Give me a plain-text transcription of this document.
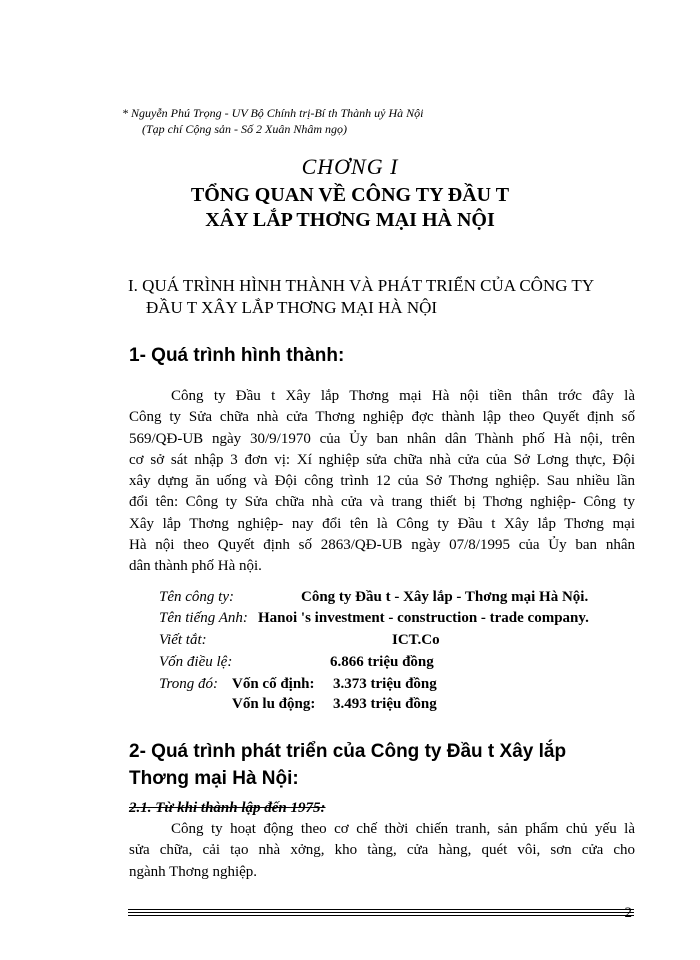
* Nguyễn Phú Trọng - UV Bộ Chính trị-Bí th Thành uỷ Hà Nội
(Tạp chí Cộng sản - Số 2 Xuân Nhâm ngọ)
CHƠNG I
TỔNG QUAN VỀ CÔNG TY ĐẦU T
XÂY LẮP THƠNG MẠI HÀ NỘI
I. QUÁ TRÌNH HÌNH THÀNH VÀ PHÁT TRIỂN CỦA CÔNG TY
ĐẦU T XÂY LẮP THƠNG MẠI HÀ NỘI
1- Quá trình hình thành:
Công ty Đầu t Xây lắp Thơng mại Hà nội tiền thân trớc đây là
Công ty Sửa chữa nhà cửa Thơng nghiệp đợc thành lập theo Quyết định số
569/QĐ-UB ngày 30/9/1970 của Ủy ban nhân dân Thành phố Hà nội, trên
cơ sở sát nhập 3 đơn vị: Xí nghiệp sửa chữa nhà cửa của Sở Lơng thực, Đội
xây dựng ăn uống và Đội công trình 12 của Sở Thơng nghiệp. Sau nhiều lần
đổi tên: Công ty Sửa chữa nhà cửa và trang thiết bị Thơng nghiệp- Công ty
Xây lắp Thơng nghiệp- nay đổi tên là Công ty Đầu t Xây lắp Thơng mại
Hà nội theo Quyết định số 2863/QĐ-UB ngày 07/8/1995 của Ủy ban nhân
dân thành phố Hà nội.
Tên công ty:	Công ty Đầu t - Xây lắp - Thơng mại Hà Nội.
Tên tiếng Anh: Hanoi 's investment - construction - trade company.
Viết tắt:	ICT.Co
Vốn điều lệ:	6.866 triệu đồng
Trong đó: Vốn cố định: 3.373 triệu đồng
Vốn lu động: 3.493 triệu đồng
2- Quá trình phát triển của Công ty Đầu t Xây lắp
Thơng mại Hà Nội:
2.1. Từ khi thành lập đến 1975:
Công ty hoạt động theo cơ chế thời chiến tranh, sản phẩm chủ yếu là
sửa chữa, cải tạo nhà xởng, kho tàng, cửa hàng, quét vôi, sơn cửa cho
ngành Thơng nghiệp.
2
